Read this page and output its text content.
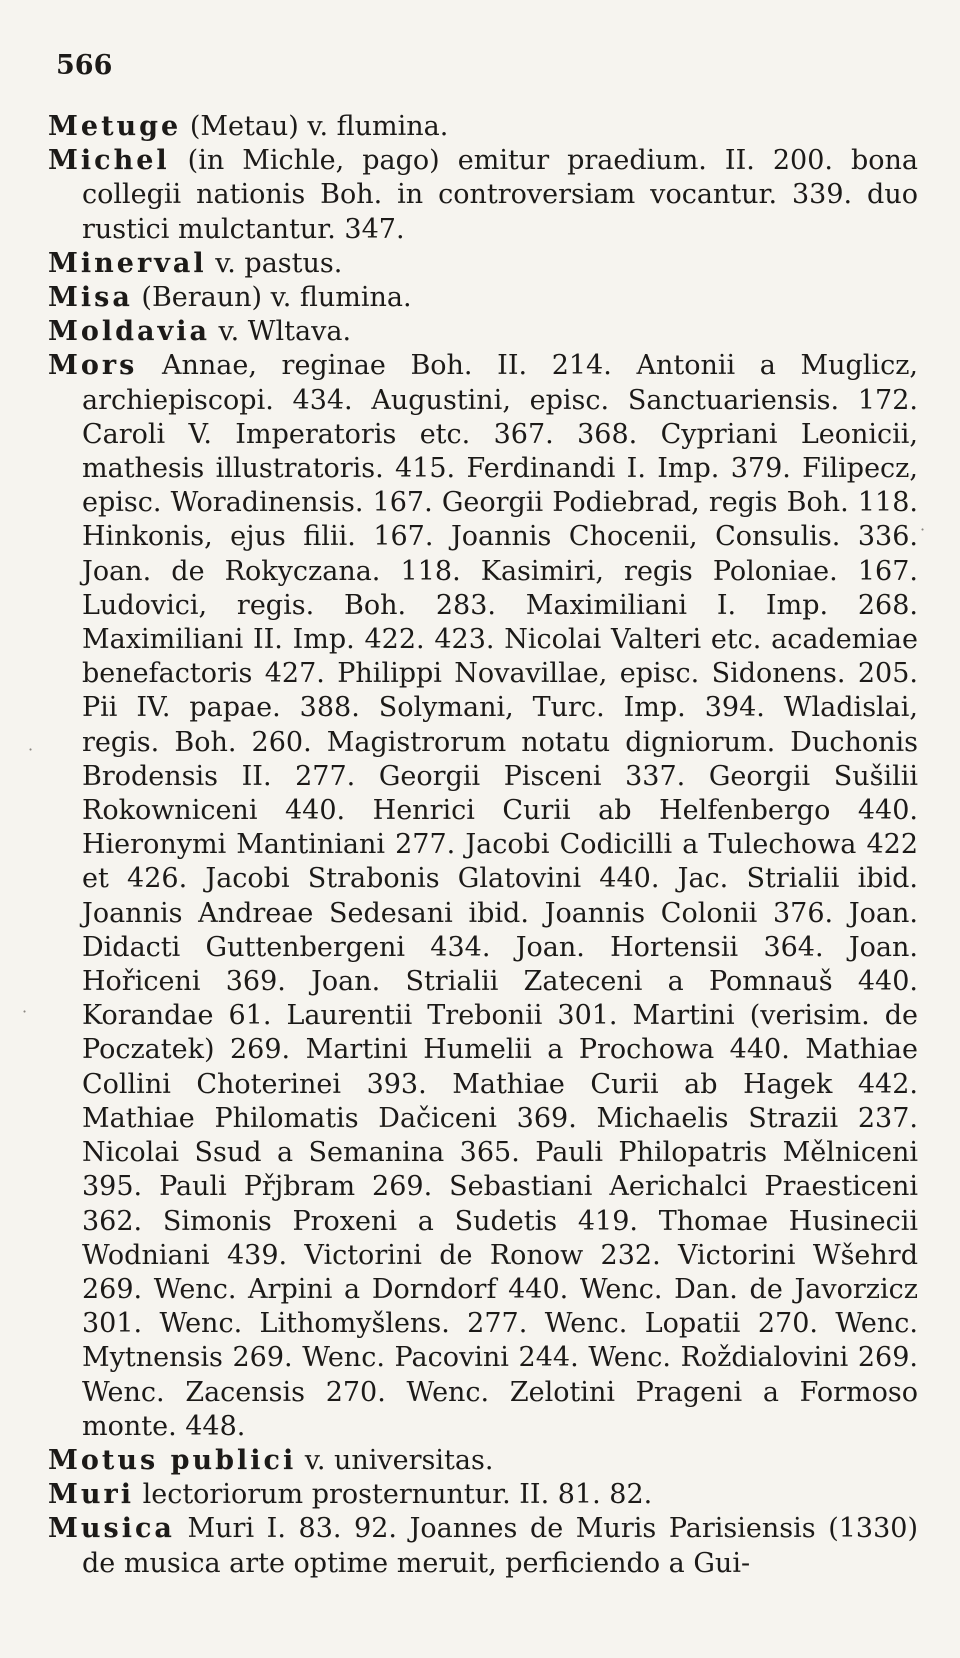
566

Metuge (Metau) v. flumina.

Michel (in Michle, pago) emitur praedium. II. 200. bona collegii nationis Boh. in controversiam vocantur. 339. duo rustici mulctantur. 347.

Minerval v. pastus.

Misa (Beraun) v. flumina.

Moldavia v. Wltava.

Mors Annae, reginae Boh. II. 214. Antonii a Muglicz, archiepiscopi. 434. Augustini, episc. Sanctuariensis. 172. Caroli V. Imperatoris etc. 367. 368. Cypriani Leonicii, mathesis illustratoris. 415. Ferdinandi I. Imp. 379. Filipecz, episc. Woradinensis. 167. Georgii Podiebrad, regis Boh. 118. Hinkonis, ejus filii. 167. Joannis Chocenii, Consulis. 336. Joan. de Rokyczana. 118. Kasimiri, regis Poloniae. 167. Ludovici, regis. Boh. 283. Maximiliani I. Imp. 268. Maximiliani II. Imp. 422. 423. Nicolai Valteri etc. academiae benefactoris 427. Philippi Novavillae, episc. Sidonens. 205. Pii IV. papae. 388. Solymani, Turc. Imp. 394. Wladislai, regis. Boh. 260. Magistrorum notatu digniorum. Duchonis Brodensis II. 277. Georgii Pisceni 337. Georgii Sušilii Rokowniceni 440. Henrici Curii ab Helfenbergo 440. Hieronymi Mantiniani 277. Jacobi Codicilli a Tulechowa 422 et 426. Jacobi Strabonis Glatovini 440. Jac. Strialii ibid. Joannis Andreae Sedesani ibid. Joannis Colonii 376. Joan. Didacti Guttenbergeni 434. Joan. Hortensii 364. Joan. Hořiceni 369. Joan. Strialii Zateceni a Pomnauš 440. Korandae 61. Laurentii Trebonii 301. Martini (verisim. de Poczatek) 269. Martini Humelii a Prochowa 440. Mathiae Collini Choterinei 393. Mathiae Curii ab Hagek 442. Mathiae Philomatis Dačiceni 369. Michaelis Strazii 237. Nicolai Ssud a Semanina 365. Pauli Philopatris Mělniceni 395. Pauli Přjbram 269. Sebastiani Aerichalci Praesticeni 362. Simonis Proxeni a Sudetis 419. Thomae Husinecii Wodniani 439. Victorini de Ronow 232. Victorini Wšehrd 269. Wenc. Arpini a Dorndorf 440. Wenc. Dan. de Javorzicz 301. Wenc. Lithomyšlens. 277. Wenc. Lopatii 270. Wenc. Mytnensis 269. Wenc. Pacovini 244. Wenc. Roždialovini 269. Wenc. Zacensis 270. Wenc. Zelotini Prageni a Formoso monte. 448.

Motus publici v. universitas.

Muri lectoriorum prosternuntur. II. 81. 82.

Musica Muri I. 83. 92. Joannes de Muris Parisiensis (1330) de musica arte optime meruit, perficiendo a Gui-

·
·
·
